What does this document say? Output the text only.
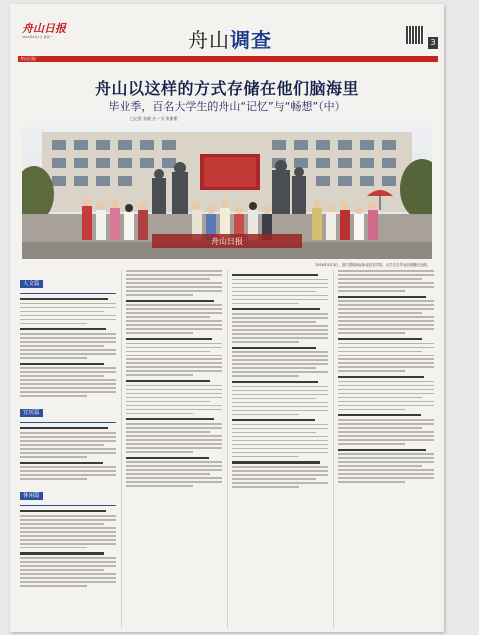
舟山日报
2016年8月1日 星期一	舟山调查	3
舟山日报
舟山以这样的方式存储在他们脑海里
毕业季，百名大学生的舟山“记忆”与“畅想”（中）
□记者 张晓 庄一戈 张甜甜
舟山日报
2016年5月3日，浙江国际海运职业技术学院，大学生在毕业前拍摄纪念照。
人文篇
宜居篇
休闲篇
